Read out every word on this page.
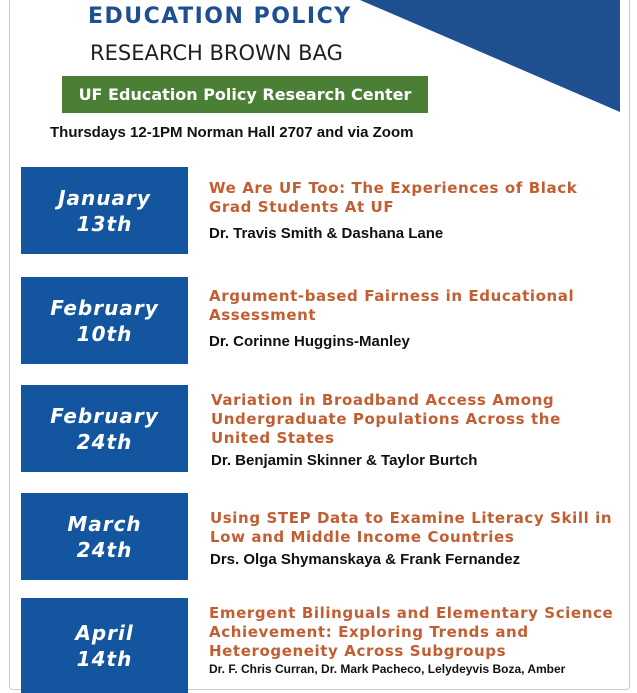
EDUCATION POLICY
RESEARCH BROWN BAG
UF Education Policy Research Center
Thursdays 12-1PM Norman Hall 2707 and via Zoom
January
13th
We Are UF Too: The Experiences of Black Grad Students At UF
Dr. Travis Smith & Dashana Lane
February
10th
Argument-based Fairness in Educational Assessment
Dr. Corinne Huggins-Manley
February
24th
Variation in Broadband Access Among Undergraduate Populations Across the United States
Dr. Benjamin Skinner & Taylor Burtch
March
24th
Using STEP Data to Examine Literacy Skill in Low and Middle Income Countries
Drs. Olga Shymanskaya & Frank Fernandez
April
14th
Emergent Bilinguals and Elementary Science Achievement: Exploring Trends and Heterogeneity Across Subgroups
Dr. F. Chris Curran, Dr. Mark Pacheco, Lelydeyvis Boza, Amber
